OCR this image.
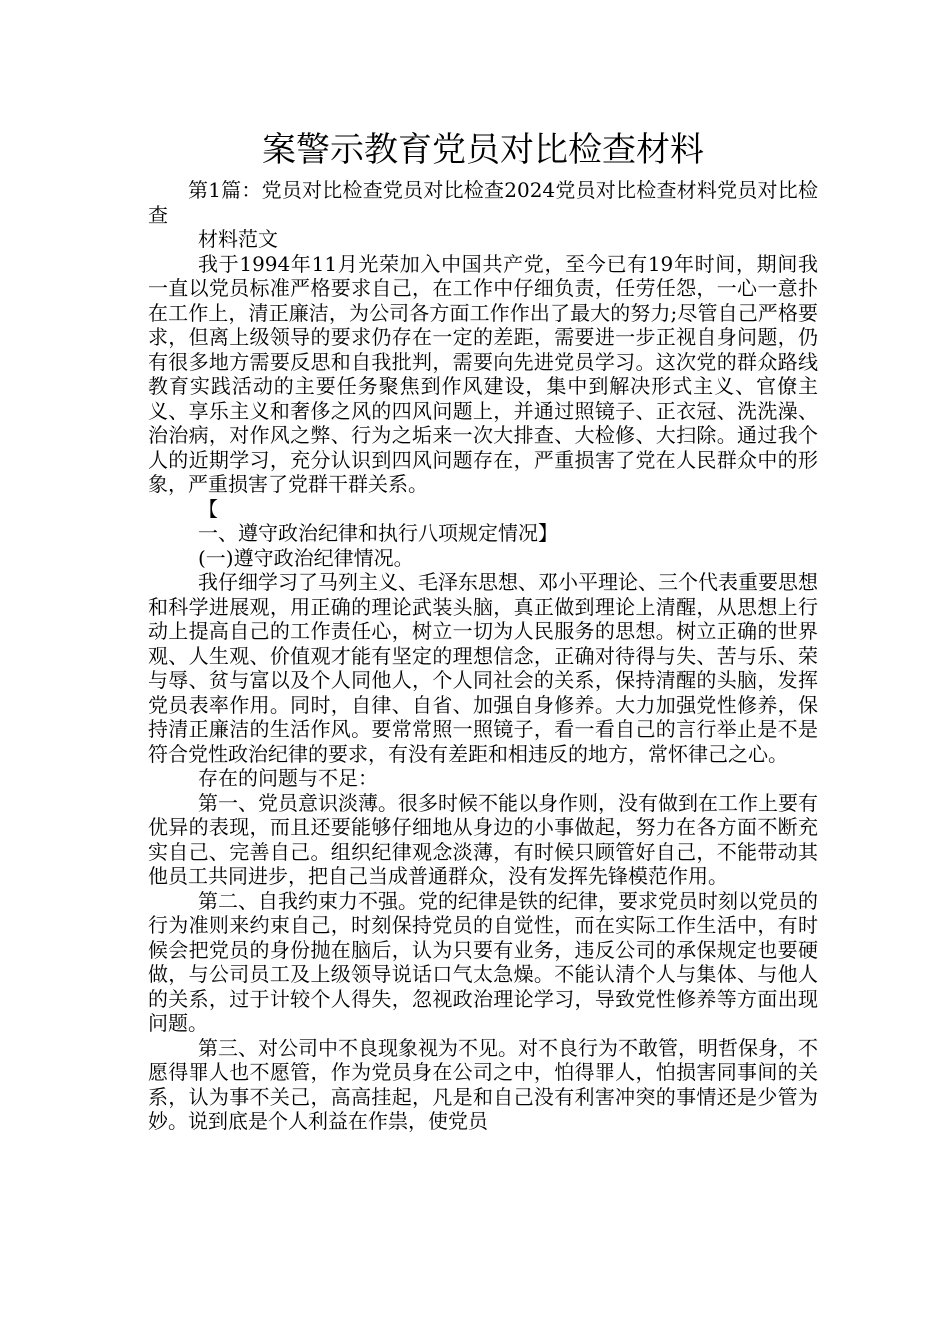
案警示教育党员对比检查材料

第1篇：党员对比检查党员对比检查2024党员对比检查材料党员对比检查

材料范文

我于1994年11月光荣加入中国共产党，至今已有19年时间，期间我一直以党员标准严格要求自己，在工作中仔细负责，任劳任怨，一心一意扑在工作上，清正廉洁，为公司各方面工作作出了最大的努力;尽管自己严格要求，但离上级领导的要求仍存在一定的差距，需要进一步正视自身问题，仍有很多地方需要反思和自我批判，需要向先进党员学习。这次党的群众路线教育实践活动的主要任务聚焦到作风建设，集中到解决形式主义、官僚主义、享乐主义和奢侈之风的四风问题上，并通过照镜子、正衣冠、洗洗澡、治治病，对作风之弊、行为之垢来一次大排查、大检修、大扫除。通过我个人的近期学习，充分认识到四风问题存在，严重损害了党在人民群众中的形象，严重损害了党群干群关系。

【

一、遵守政治纪律和执行八项规定情况】

(一)遵守政治纪律情况。

我仔细学习了马列主义、毛泽东思想、邓小平理论、三个代表重要思想和科学进展观，用正确的理论武装头脑，真正做到理论上清醒，从思想上行动上提高自己的工作责任心，树立一切为人民服务的思想。树立正确的世界观、人生观、价值观才能有坚定的理想信念，正确对待得与失、苦与乐、荣与辱、贫与富以及个人同他人，个人同社会的关系，保持清醒的头脑，发挥党员表率作用。同时，自律、自省、加强自身修养。大力加强党性修养，保持清正廉洁的生活作风。要常常照一照镜子，看一看自己的言行举止是不是符合党性政治纪律的要求，有没有差距和相违反的地方，常怀律己之心。

存在的问题与不足：

第一、党员意识淡薄。很多时候不能以身作则，没有做到在工作上要有优异的表现，而且还要能够仔细地从身边的小事做起，努力在各方面不断充实自己、完善自己。组织纪律观念淡薄，有时候只顾管好自己，不能带动其他员工共同进步，把自己当成普通群众，没有发挥先锋模范作用。

第二、自我约束力不强。党的纪律是铁的纪律，要求党员时刻以党员的行为准则来约束自己，时刻保持党员的自觉性，而在实际工作生活中，有时候会把党员的身份抛在脑后，认为只要有业务，违反公司的承保规定也要硬做，与公司员工及上级领导说话口气太急燥。不能认清个人与集体、与他人的关系，过于计较个人得失，忽视政治理论学习，导致党性修养等方面出现问题。

第三、对公司中不良现象视为不见。对不良行为不敢管，明哲保身，不愿得罪人也不愿管，作为党员身在公司之中，怕得罪人，怕损害同事间的关系，认为事不关己，高高挂起，凡是和自己没有利害冲突的事情还是少管为妙。说到底是个人利益在作祟，使党员
